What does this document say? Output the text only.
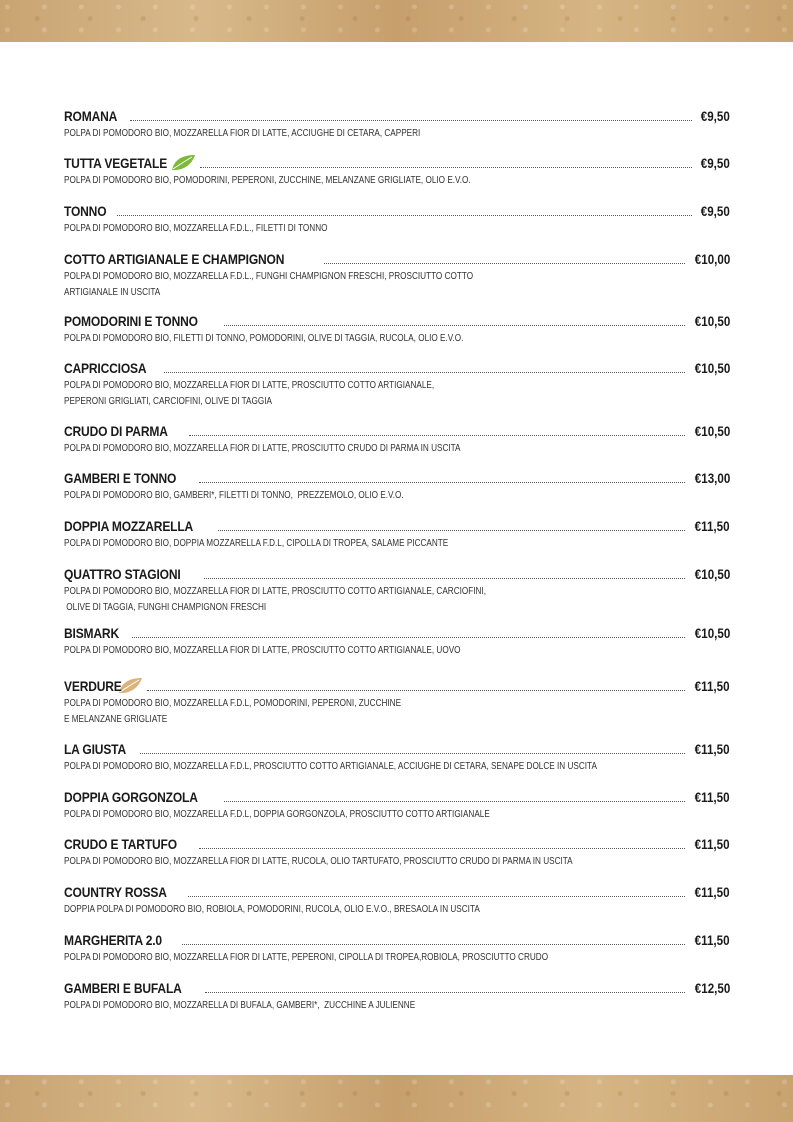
ROMANA	€9,50
POLPA DI POMODORO BIO, MOZZARELLA FIOR DI LATTE, ACCIUGHE DI CETARA, CAPPERI
TUTTA VEGETALE	€9,50
POLPA DI POMODORO BIO, POMODORINI, PEPERONI, ZUCCHINE, MELANZANE GRIGLIATE, OLIO E.V.O.
TONNO	€9,50
POLPA DI POMODORO BIO, MOZZARELLA F.D.L., FILETTI DI TONNO
COTTO ARTIGIANALE E CHAMPIGNON	€10,00
POLPA DI POMODORO BIO, MOZZARELLA F.D.L., FUNGHI CHAMPIGNON FRESCHI, PROSCIUTTO COTTO
ARTIGIANALE IN USCITA
POMODORINI E TONNO	€10,50
POLPA DI POMODORO BIO, FILETTI DI TONNO, POMODORINI, OLIVE DI TAGGIA, RUCOLA, OLIO E.V.O.
CAPRICCIOSA	€10,50
POLPA DI POMODORO BIO, MOZZARELLA FIOR DI LATTE, PROSCIUTTO COTTO ARTIGIANALE,
PEPERONI GRIGLIATI, CARCIOFINI, OLIVE DI TAGGIA
CRUDO DI PARMA	€10,50
POLPA DI POMODORO BIO, MOZZARELLA FIOR DI LATTE, PROSCIUTTO CRUDO DI PARMA IN USCITA
GAMBERI E TONNO	€13,00
POLPA DI POMODORO BIO, GAMBERI*, FILETTI DI TONNO,  PREZZEMOLO, OLIO E.V.O.
DOPPIA MOZZARELLA	€11,50
POLPA DI POMODORO BIO, DOPPIA MOZZARELLA F.D.L, CIPOLLA DI TROPEA, SALAME PICCANTE
QUATTRO STAGIONI	€10,50
POLPA DI POMODORO BIO, MOZZARELLA FIOR DI LATTE, PROSCIUTTO COTTO ARTIGIANALE, CARCIOFINI,
OLIVE DI TAGGIA, FUNGHI CHAMPIGNON FRESCHI
BISMARK	€10,50
POLPA DI POMODORO BIO, MOZZARELLA FIOR DI LATTE, PROSCIUTTO COTTO ARTIGIANALE, UOVO
VERDURE	€11,50
POLPA DI POMODORO BIO, MOZZARELLA F.D.L, POMODORINI, PEPERONI, ZUCCHINE
E MELANZANE GRIGLIATE
LA GIUSTA	€11,50
POLPA DI POMODORO BIO, MOZZARELLA F.D.L, PROSCIUTTO COTTO ARTIGIANALE, ACCIUGHE DI CETARA, SENAPE DOLCE IN USCITA
DOPPIA GORGONZOLA	€11,50
POLPA DI POMODORO BIO, MOZZARELLA F.D.L, DOPPIA GORGONZOLA, PROSCIUTTO COTTO ARTIGIANALE
CRUDO E TARTUFO	€11,50
POLPA DI POMODORO BIO, MOZZARELLA FIOR DI LATTE, RUCOLA, OLIO TARTUFATO, PROSCIUTTO CRUDO DI PARMA IN USCITA
COUNTRY ROSSA	€11,50
DOPPIA POLPA DI POMODORO BIO, ROBIOLA, POMODORINI, RUCOLA, OLIO E.V.O., BRESAOLA IN USCITA
MARGHERITA 2.0	€11,50
POLPA DI POMODORO BIO, MOZZARELLA FIOR DI LATTE, PEPERONI, CIPOLLA DI TROPEA,ROBIOLA, PROSCIUTTO CRUDO
GAMBERI E BUFALA	€12,50
POLPA DI POMODORO BIO, MOZZARELLA DI BUFALA, GAMBERI*,  ZUCCHINE A JULIENNE
